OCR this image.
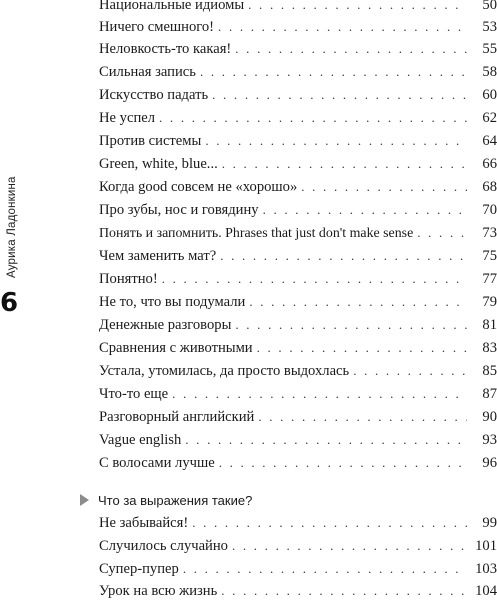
Аурика Ладонкина
6
Национальные идиомы . . .	50
Ничего смешного! . . .	53
Неловкость-то какая! . . .	55
Сильная запись . . .	58
Искусство падать . . .	60
Не успел . . .	62
Против системы . . .	64
Green, white, blue... . . .	66
Когда good совсем не «хорошо» . . .	68
Про зубы, нос и говядину . . .	70
Понять и запомнить. Phrases that just don't make sense . . .	73
Чем заменить мат? . . .	75
Понятно! . . .	77
Не то, что вы подумали . . .	79
Денежные разговоры . . .	81
Сравнения с животными . . .	83
Устала, утомилась, да просто выдохлась . . .	85
Что-то еще . . .	87
Разговорный английский . . .	90
Vague english . . .	93
С волосами лучше . . .	96
Что за выражения такие?
Не забывайся! . . .	99
Случилось случайно . . .	101
Супер-пупер . . .	103
Урок на всю жизнь . . .	104
